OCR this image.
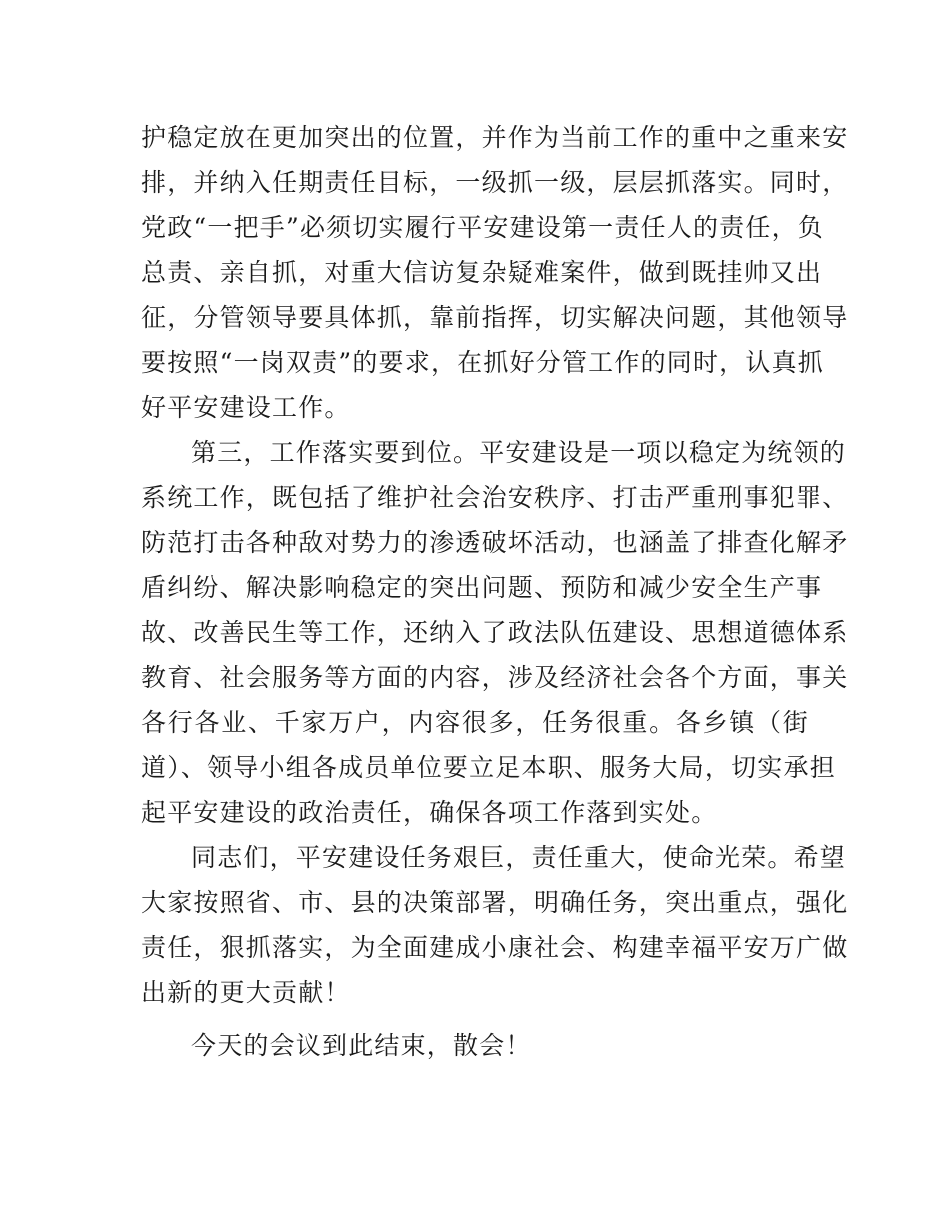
护稳定放在更加突出的位置，并作为当前工作的重中之重来安
排，并纳入任期责任目标，一级抓一级，层层抓落实。同时，
党政“一把手”必须切实履行平安建设第一责任人的责任，负
总责、亲自抓，对重大信访复杂疑难案件，做到既挂帅又出
征，分管领导要具体抓，靠前指挥，切实解决问题，其他领导
要按照“一岗双责”的要求，在抓好分管工作的同时，认真抓
好平安建设工作。
第三，工作落实要到位。平安建设是一项以稳定为统领的
系统工作，既包括了维护社会治安秩序、打击严重刑事犯罪、
防范打击各种敌对势力的渗透破坏活动，也涵盖了排查化解矛
盾纠纷、解决影响稳定的突出问题、预防和减少安全生产事
故、改善民生等工作，还纳入了政法队伍建设、思想道德体系
教育、社会服务等方面的内容，涉及经济社会各个方面，事关
各行各业、千家万户，内容很多，任务很重。各乡镇（街
道）、领导小组各成员单位要立足本职、服务大局，切实承担
起平安建设的政治责任，确保各项工作落到实处。
同志们，平安建设任务艰巨，责任重大，使命光荣。希望
大家按照省、市、县的决策部署，明确任务，突出重点，强化
责任，狠抓落实，为全面建成小康社会、构建幸福平安万广做
出新的更大贡献！
今天的会议到此结束，散会！
